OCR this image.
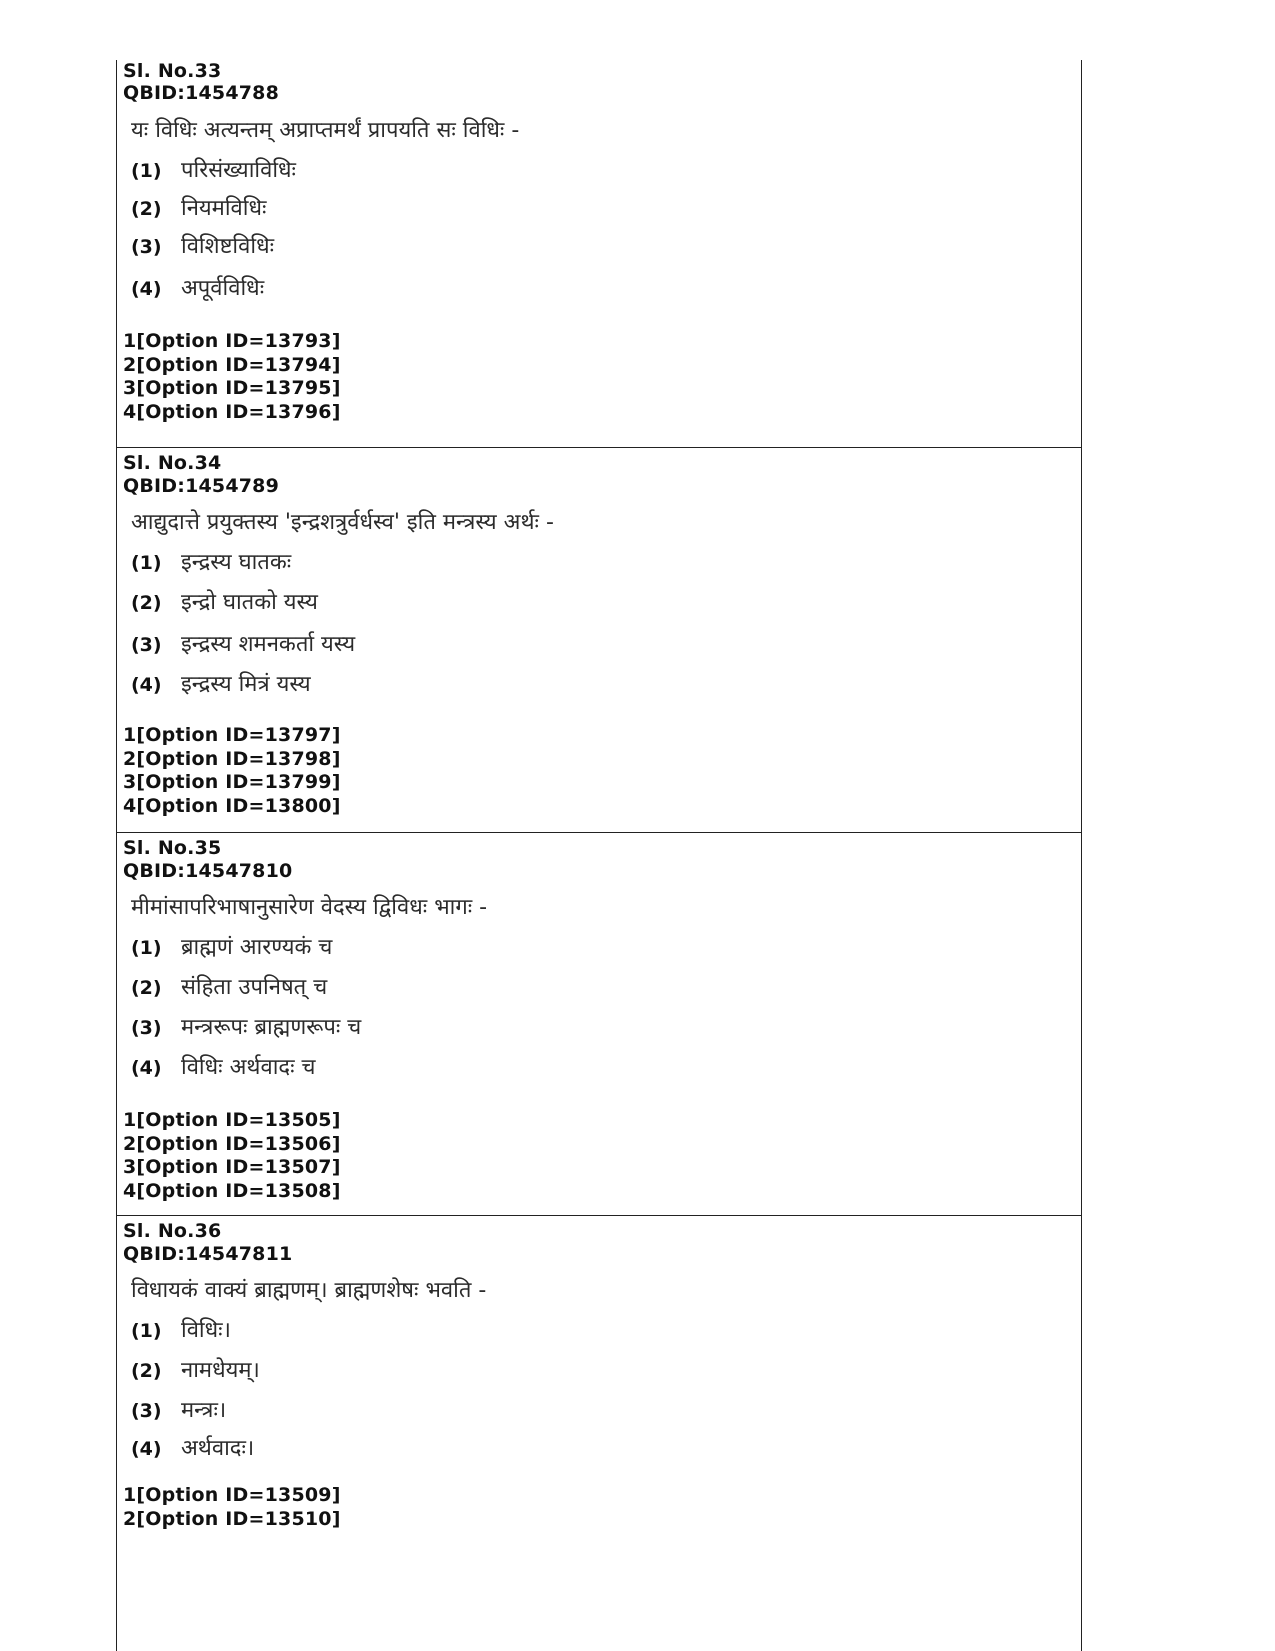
Sl. No.33
QBID:1454788
यः विधिः अत्यन्तम् अप्राप्तमर्थं प्रापयति सः विधिः -
(1) परिसंख्याविधिः
(2) नियमविधिः
(3) विशिष्टविधिः
(4) अपूर्वविधिः
1[Option ID=13793]
2[Option ID=13794]
3[Option ID=13795]
4[Option ID=13796]
Sl. No.34
QBID:1454789
आद्युदात्ते प्रयुक्तस्य 'इन्द्रशत्रुर्वर्धस्व' इति मन्त्रस्य अर्थः -
(1) इन्द्रस्य घातकः
(2) इन्द्रो घातको यस्य
(3) इन्द्रस्य शमनकर्ता यस्य
(4) इन्द्रस्य मित्रं यस्य
1[Option ID=13797]
2[Option ID=13798]
3[Option ID=13799]
4[Option ID=13800]
Sl. No.35
QBID:14547810
मीमांसापरिभाषानुसारेण वेदस्य द्विविधः भागः -
(1) ब्राह्मणं आरण्यकं च
(2) संहिता उपनिषत् च
(3) मन्त्ररूपः ब्राह्मणरूपः च
(4) विधिः अर्थवादः च
1[Option ID=13505]
2[Option ID=13506]
3[Option ID=13507]
4[Option ID=13508]
Sl. No.36
QBID:14547811
विधायकं वाक्यं ब्राह्मणम्। ब्राह्मणशेषः भवति -
(1) विधिः।
(2) नामधेयम्।
(3) मन्त्रः।
(4) अर्थवादः।
1[Option ID=13509]
2[Option ID=13510]
